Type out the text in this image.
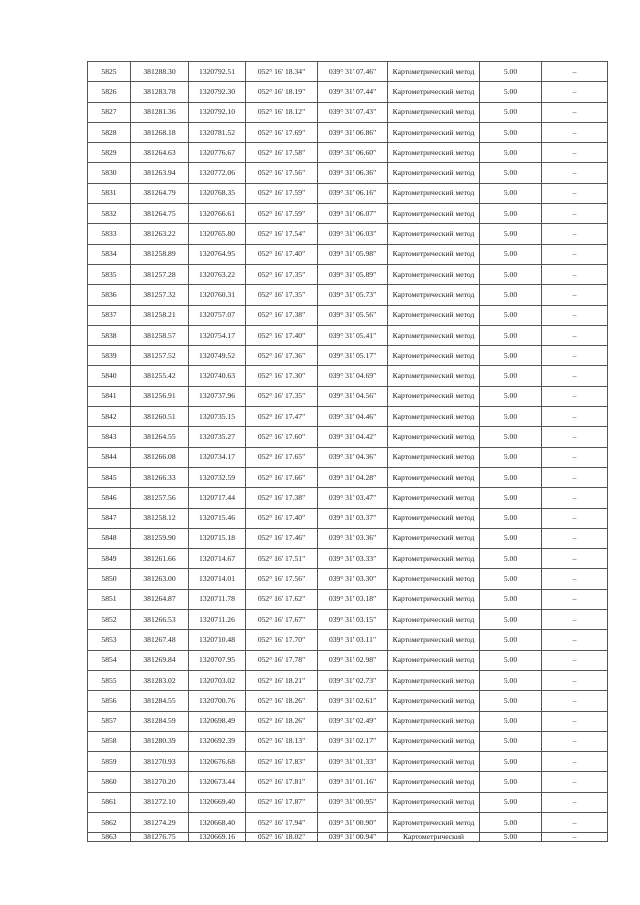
5825	381288.30	1320792.51	052° 16' 18.34"	039° 31' 07.46"	Картометрический метод	5.00	–
5826	381283.78	1320792.30	052° 16' 18.19"	039° 31' 07.44"	Картометрический метод	5.00	–
5827	381281.36	1320792.10	052° 16' 18.12"	039° 31' 07.43"	Картометрический метод	5.00	–
5828	381268.18	1320781.52	052° 16' 17.69"	039° 31' 06.86"	Картометрический метод	5.00	–
5829	381264.63	1320776.67	052° 16' 17.58"	039° 31' 06.60"	Картометрический метод	5.00	–
5830	381263.94	1320772.06	052° 16' 17.56"	039° 31' 06.36"	Картометрический метод	5.00	–
5831	381264.79	1320768.35	052° 16' 17.59"	039° 31' 06.16"	Картометрический метод	5.00	–
5832	381264.75	1320766.61	052° 16' 17.59"	039° 31' 06.07"	Картометрический метод	5.00	–
5833	381263.22	1320765.80	052° 16' 17.54"	039° 31' 06.03"	Картометрический метод	5.00	–
5834	381258.89	1320764.95	052° 16' 17.40"	039° 31' 05.98"	Картометрический метод	5.00	–
5835	381257.28	1320763.22	052° 16' 17.35"	039° 31' 05.89"	Картометрический метод	5.00	–
5836	381257.32	1320760.31	052° 16' 17.35"	039° 31' 05.73"	Картометрический метод	5.00	–
5837	381258.21	1320757.07	052° 16' 17.38"	039° 31' 05.56"	Картометрический метод	5.00	–
5838	381258.57	1320754.17	052° 16' 17.40"	039° 31' 05.41"	Картометрический метод	5.00	–
5839	381257.52	1320749.52	052° 16' 17.36"	039° 31' 05.17"	Картометрический метод	5.00	–
5840	381255.42	1320740.63	052° 16' 17.30"	039° 31' 04.69"	Картометрический метод	5.00	–
5841	381256.91	1320737.96	052° 16' 17.35"	039° 31' 04.56"	Картометрический метод	5.00	–
5842	381260.51	1320735.15	052° 16' 17.47"	039° 31' 04.46"	Картометрический метод	5.00	–
5843	381264.55	1320735.27	052° 16' 17.60"	039° 31' 04.42"	Картометрический метод	5.00	–
5844	381266.08	1320734.17	052° 16' 17.65"	039° 31' 04.36"	Картометрический метод	5.00	–
5845	381266.33	1320732.59	052° 16' 17.66"	039° 31' 04.28"	Картометрический метод	5.00	–
5846	381257.56	1320717.44	052° 16' 17.38"	039° 31' 03.47"	Картометрический метод	5.00	–
5847	381258.12	1320715.46	052° 16' 17.40"	039° 31' 03.37"	Картометрический метод	5.00	–
5848	381259.90	1320715.18	052° 16' 17.46"	039° 31' 03.36"	Картометрический метод	5.00	–
5849	381261.66	1320714.67	052° 16' 17.51"	039° 31' 03.33"	Картометрический метод	5.00	–
5850	381263.00	1320714.01	052° 16' 17.56"	039° 31' 03.30"	Картометрический метод	5.00	–
5851	381264.87	1320711.78	052° 16' 17.62"	039° 31' 03.18"	Картометрический метод	5.00	–
5852	381266.53	1320711.26	052° 16' 17.67"	039° 31' 03.15"	Картометрический метод	5.00	–
5853	381267.48	1320710.48	052° 16' 17.70"	039° 31' 03.11"	Картометрический метод	5.00	–
5854	381269.84	1320707.95	052° 16' 17.78"	039° 31' 02.98"	Картометрический метод	5.00	–
5855	381283.02	1320703.02	052° 16' 18.21"	039° 31' 02.73"	Картометрический метод	5.00	–
5856	381284.55	1320700.76	052° 16' 18.26"	039° 31' 02.61"	Картометрический метод	5.00	–
5857	381284.59	1320698.49	052° 16' 18.26"	039° 31' 02.49"	Картометрический метод	5.00	–
5858	381280.39	1320692.39	052° 16' 18.13"	039° 31' 02.17"	Картометрический метод	5.00	–
5859	381270.93	1320676.68	052° 16' 17.83"	039° 31' 01.33"	Картометрический метод	5.00	–
5860	381270.20	1320673.44	052° 16' 17.81"	039° 31' 01.16"	Картометрический метод	5.00	–
5861	381272.10	1320669.40	052° 16' 17.87"	039° 31' 00.95"	Картометрический метод	5.00	–
5862	381274.29	1320668.40	052° 16' 17.94"	039° 31' 00.90"	Картометрический метод	5.00	–
5863	381276.75	1320669.16	052° 16' 18.02"	039° 31' 00.94"	Картометрический	5.00	–
